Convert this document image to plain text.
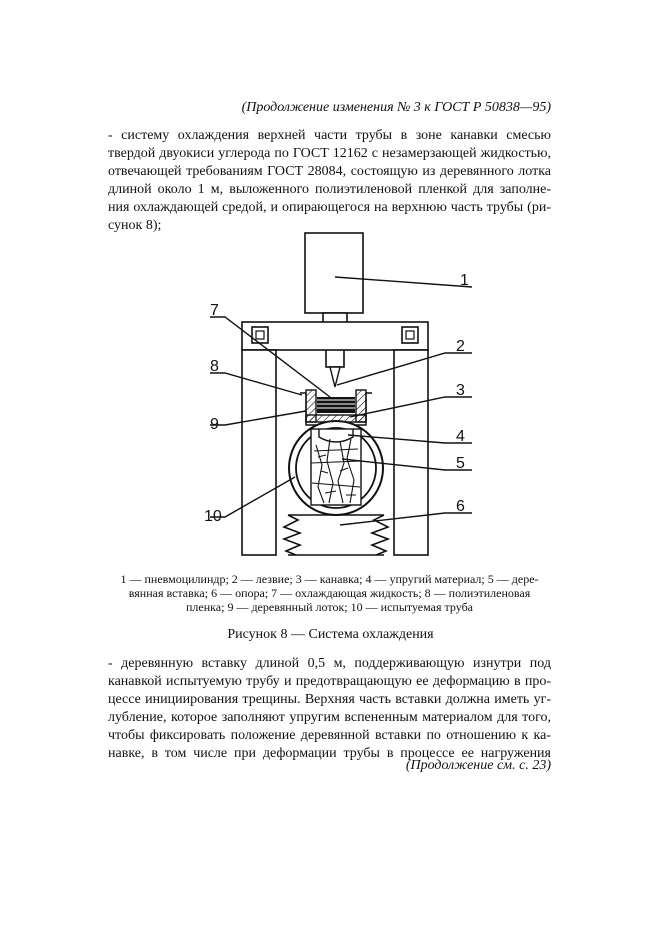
(Продолжение изменения № 3 к ГОСТ Р 50838—95)
- систему охлаждения верхней части трубы в зоне канавки смесью
твердой двуокиси углерода по ГОСТ 12162 с незамерзающей жидкостью,
отвечающей требованиям ГОСТ 28084, состоящую из деревянного лотка
длиной около 1 м, выложенного полиэтиленовой пленкой для заполне-
ния охлаждающей средой, и опирающегося на верхнюю часть трубы (ри-
сунок 8);
1
2
3
4
5
6
7
8
9
10
1 — пневмоцилиндр; 2 — лезвие; 3 — канавка; 4 — упругий материал; 5 — дере-
вянная вставка; 6 — опора; 7 — охлаждающая жидкость; 8 — полиэтиленовая
пленка; 9 — деревянный лоток; 10 — испытуемая труба
Рисунок 8 — Система охлаждения
- деревянную вставку длиной 0,5 м, поддерживающую изнутри под
канавкой испытуемую трубу и предотвращающую ее деформацию в про-
цессе инициирования трещины. Верхняя часть вставки должна иметь уг-
лубление, которое заполняют упругим вспененным материалом для того,
чтобы фиксировать положение деревянной вставки по отношению к ка-
навке, в том числе при деформации трубы в процессе ее нагружения
(Продолжение см. с. 23)
